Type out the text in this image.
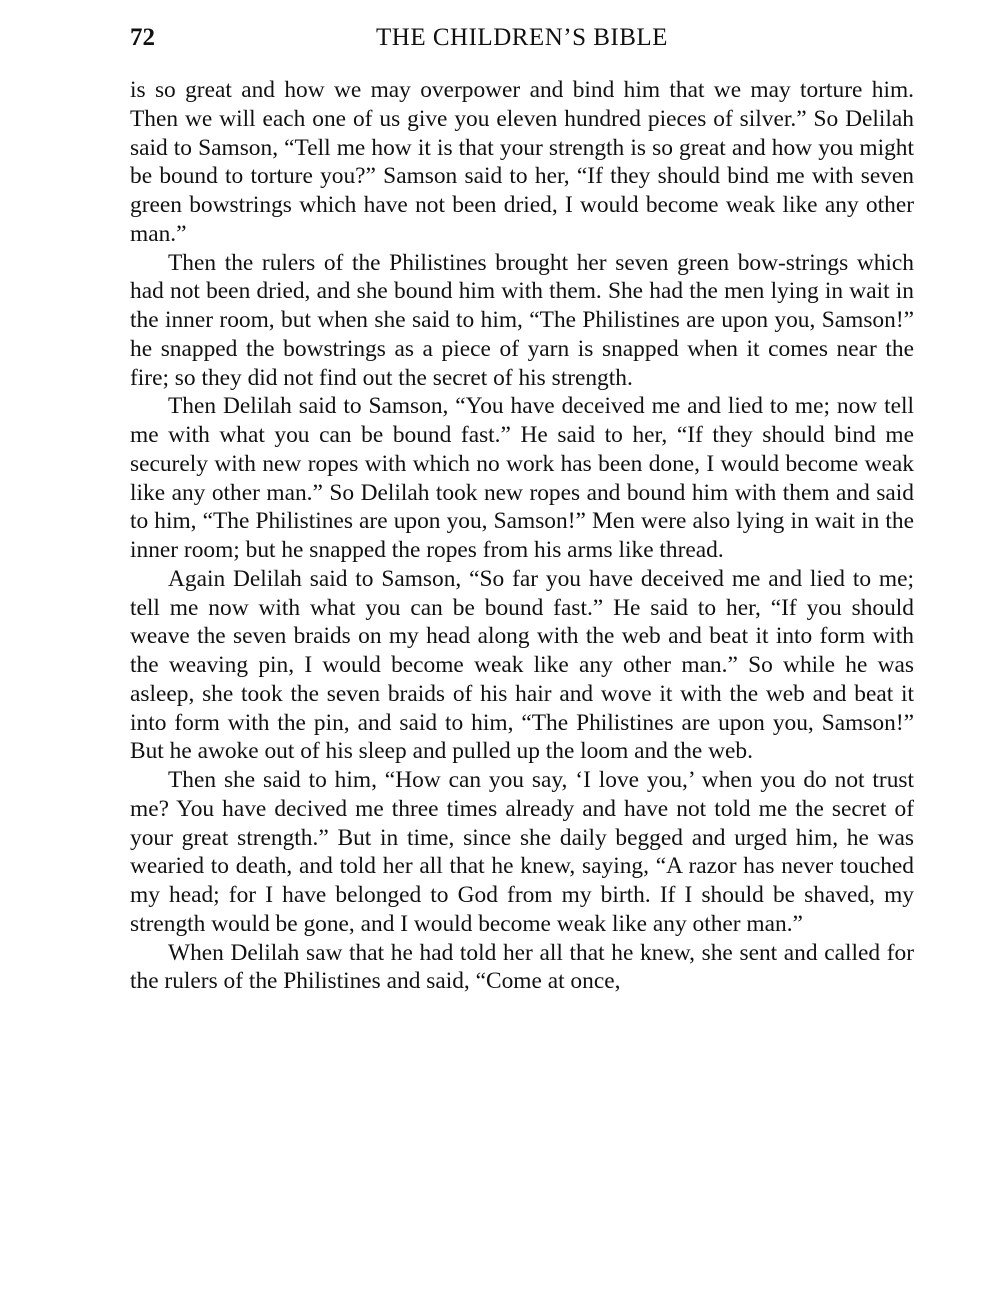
72	THE CHILDREN’S BIBLE

is so great and how we may overpower and bind him that we may torture him. Then we will each one of us give you eleven hundred pieces of silver.” So Delilah said to Samson, “Tell me how it is that your strength is so great and how you might be bound to torture you?” Samson said to her, “If they should bind me with seven green bowstrings which have not been dried, I would become weak like any other man.”

Then the rulers of the Philistines brought her seven green bow-strings which had not been dried, and she bound him with them. She had the men lying in wait in the inner room, but when she said to him, “The Philistines are upon you, Samson!” he snapped the bowstrings as a piece of yarn is snapped when it comes near the fire; so they did not find out the secret of his strength.

Then Delilah said to Samson, “You have deceived me and lied to me; now tell me with what you can be bound fast.” He said to her, “If they should bind me securely with new ropes with which no work has been done, I would become weak like any other man.” So Delilah took new ropes and bound him with them and said to him, “The Philistines are upon you, Samson!” Men were also lying in wait in the inner room; but he snapped the ropes from his arms like thread.

Again Delilah said to Samson, “So far you have deceived me and lied to me; tell me now with what you can be bound fast.” He said to her, “If you should weave the seven braids on my head along with the web and beat it into form with the weaving pin, I would become weak like any other man.” So while he was asleep, she took the seven braids of his hair and wove it with the web and beat it into form with the pin, and said to him, “The Philistines are upon you, Samson!” But he awoke out of his sleep and pulled up the loom and the web.

Then she said to him, “How can you say, ‘I love you,’ when you do not trust me? You have decived me three times already and have not told me the secret of your great strength.” But in time, since she daily begged and urged him, he was wearied to death, and told her all that he knew, saying, “A razor has never touched my head; for I have belonged to God from my birth. If I should be shaved, my strength would be gone, and I would become weak like any other man.”

When Delilah saw that he had told her all that he knew, she sent and called for the rulers of the Philistines and said, “Come at once,
